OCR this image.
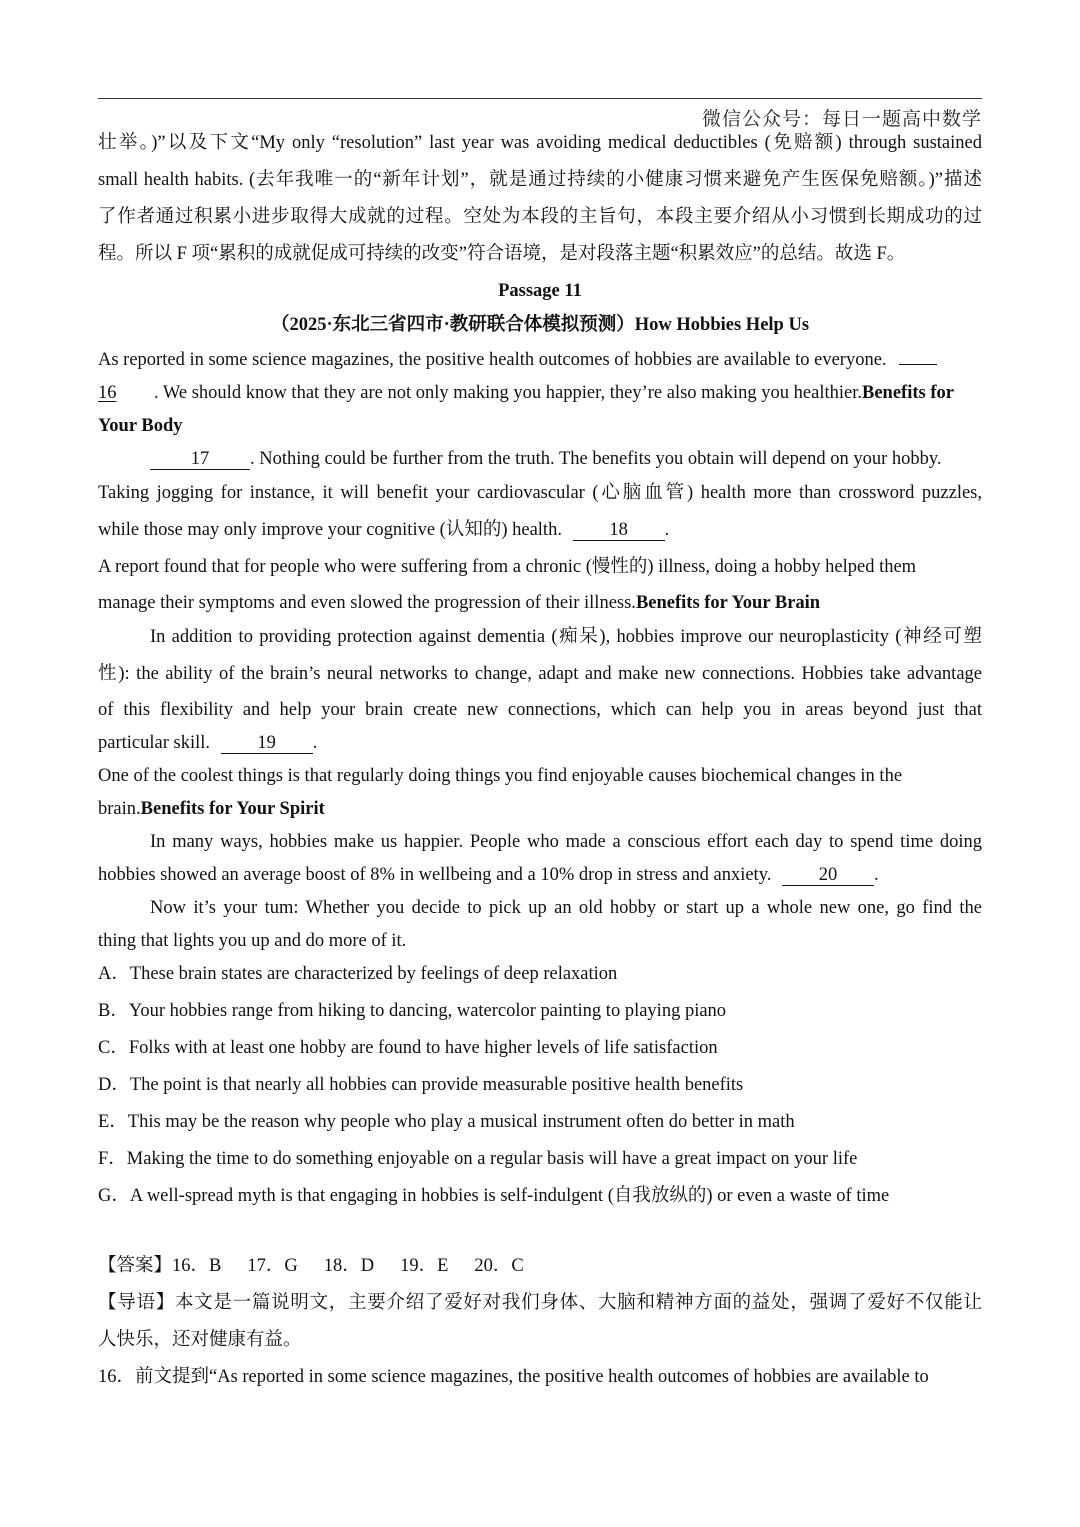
微信公众号：每日一题高中数学
壮举。)”以及下文“My only “resolution” last year was avoiding medical deductibles (免赔额) through sustained
small health habits. (去年我唯一的“新年计划”，就是通过持续的小健康习惯来避免产生医保免赔额。)”描述
了作者通过积累小进步取得大成就的过程。空处为本段的主旨句，本段主要介绍从小习惯到长期成功的过
程。所以 F 项“累积的成就促成可持续的改变”符合语境，是对段落主题“积累效应”的总结。故选 F。
Passage 11
（2025·东北三省四市·教研联合体模拟预测）How Hobbies Help Us
As reported in some science magazines, the positive health outcomes of hobbies are available to everyone.
16 . We should know that they are not only making you happier, they’re also making you healthier.Benefits for
Your Body
17 . Nothing could be further from the truth. The benefits you obtain will depend on your hobby.
Taking jogging for instance, it will benefit your cardiovascular (心脑血管) health more than crossword puzzles,
while those may only improve your cognitive (认知的) health.	18 .
A report found that for people who were suffering from a chronic (慢性的) illness, doing a hobby helped them
manage their symptoms and even slowed the progression of their illness.Benefits for Your Brain
In addition to providing protection against dementia (痴呆), hobbies improve our neuroplasticity (神经可塑
性): the ability of the brain’s neural networks to change, adapt and make new connections. Hobbies take advantage
of this flexibility and help your brain create new connections, which can help you in areas beyond just that
particular skill.	19 .
One of the coolest things is that regularly doing things you find enjoyable causes biochemical changes in the
brain.Benefits for Your Spirit
In many ways, hobbies make us happier. People who made a conscious effort each day to spend time doing
hobbies showed an average boost of 8% in wellbeing and a 10% drop in stress and anxiety.	20 .
Now it’s your tum: Whether you decide to pick up an old hobby or start up a whole new one, go find the
thing that lights you up and do more of it.
A．These brain states are characterized by feelings of deep relaxation
B．Your hobbies range from hiking to dancing, watercolor painting to playing piano
C．Folks with at least one hobby are found to have higher levels of life satisfaction
D．The point is that nearly all hobbies can provide measurable positive health benefits
E．This may be the reason why people who play a musical instrument often do better in math
F．Making the time to do something enjoyable on a regular basis will have a great impact on your life
G．A well-spread myth is that engaging in hobbies is self-indulgent (自我放纵的) or even a waste of time
【答案】16．B 17．G 18．D 19．E 20．C
【导语】本文是一篇说明文，主要介绍了爱好对我们身体、大脑和精神方面的益处，强调了爱好不仅能让
人快乐，还对健康有益。
16．前文提到“As reported in some science magazines, the positive health outcomes of hobbies are available to
